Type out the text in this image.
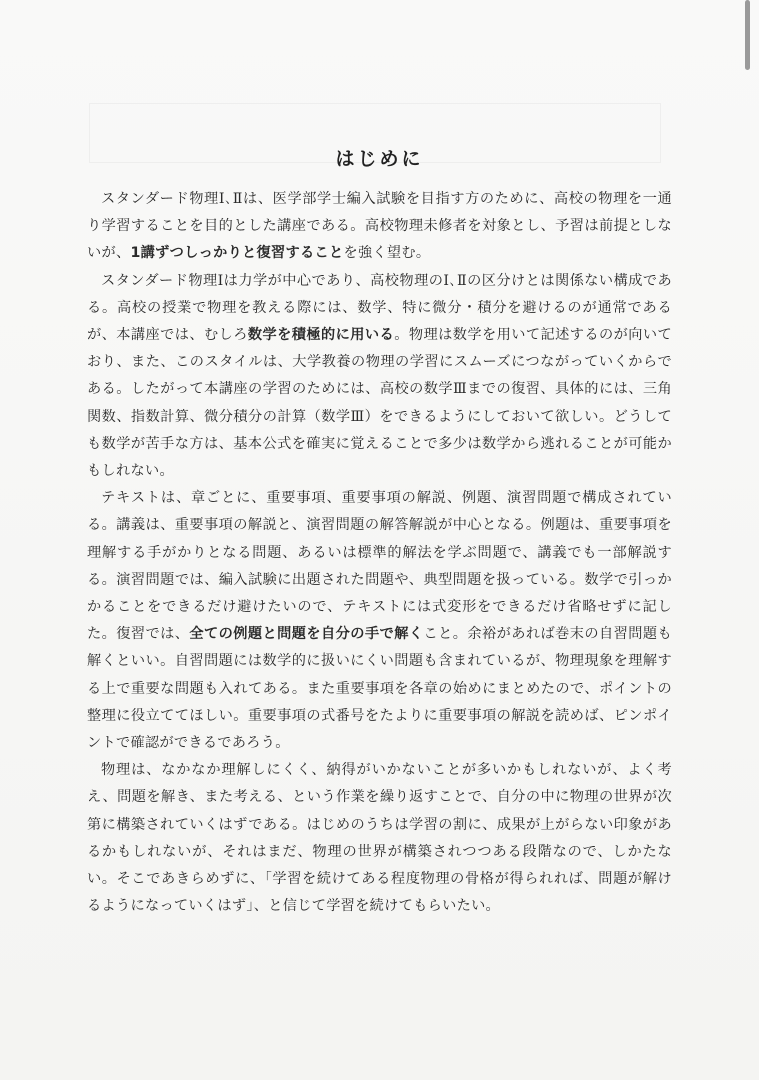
はじめに

スタンダード物理Ⅰ､Ⅱは、医学部学士編入試験を目指す方のために、高校の物理を一通り学習することを目的とした講座である。高校物理未修者を対象とし、予習は前提としないが、1講ずつしっかりと復習することを強く望む。

スタンダード物理Ⅰは力学が中心であり、高校物理のⅠ､Ⅱの区分けとは関係ない構成である。高校の授業で物理を教える際には、数学、特に微分・積分を避けるのが通常であるが、本講座では、むしろ数学を積極的に用いる。物理は数学を用いて記述するのが向いており、また、このスタイルは、大学教養の物理の学習にスムーズにつながっていくからである。したがって本講座の学習のためには、高校の数学Ⅲまでの復習、具体的には、三角関数、指数計算、微分積分の計算（数学Ⅲ）をできるようにしておいて欲しい。どうしても数学が苦手な方は、基本公式を確実に覚えることで多少は数学から逃れることが可能かもしれない。

テキストは、章ごとに、重要事項、重要事項の解説、例題、演習問題で構成されている。講義は、重要事項の解説と、演習問題の解答解説が中心となる。例題は、重要事項を理解する手がかりとなる問題、あるいは標準的解法を学ぶ問題で、講義でも一部解説する。演習問題では、編入試験に出題された問題や、典型問題を扱っている。数学で引っかかることをできるだけ避けたいので、テキストには式変形をできるだけ省略せずに記した。復習では、全ての例題と問題を自分の手で解くこと。余裕があれば巻末の自習問題も解くといい。自習問題には数学的に扱いにくい問題も含まれているが、物理現象を理解する上で重要な問題も入れてある。また重要事項を各章の始めにまとめたので、ポイントの整理に役立ててほしい。重要事項の式番号をたよりに重要事項の解説を読めば、ピンポイントで確認ができるであろう。

物理は、なかなか理解しにくく、納得がいかないことが多いかもしれないが、よく考え、問題を解き、また考える、という作業を繰り返すことで、自分の中に物理の世界が次第に構築されていくはずである。はじめのうちは学習の割に、成果が上がらない印象があるかもしれないが、それはまだ、物理の世界が構築されつつある段階なので、しかたない。そこであきらめずに、「学習を続けてある程度物理の骨格が得られれば、問題が解けるようになっていくはず」、と信じて学習を続けてもらいたい。
